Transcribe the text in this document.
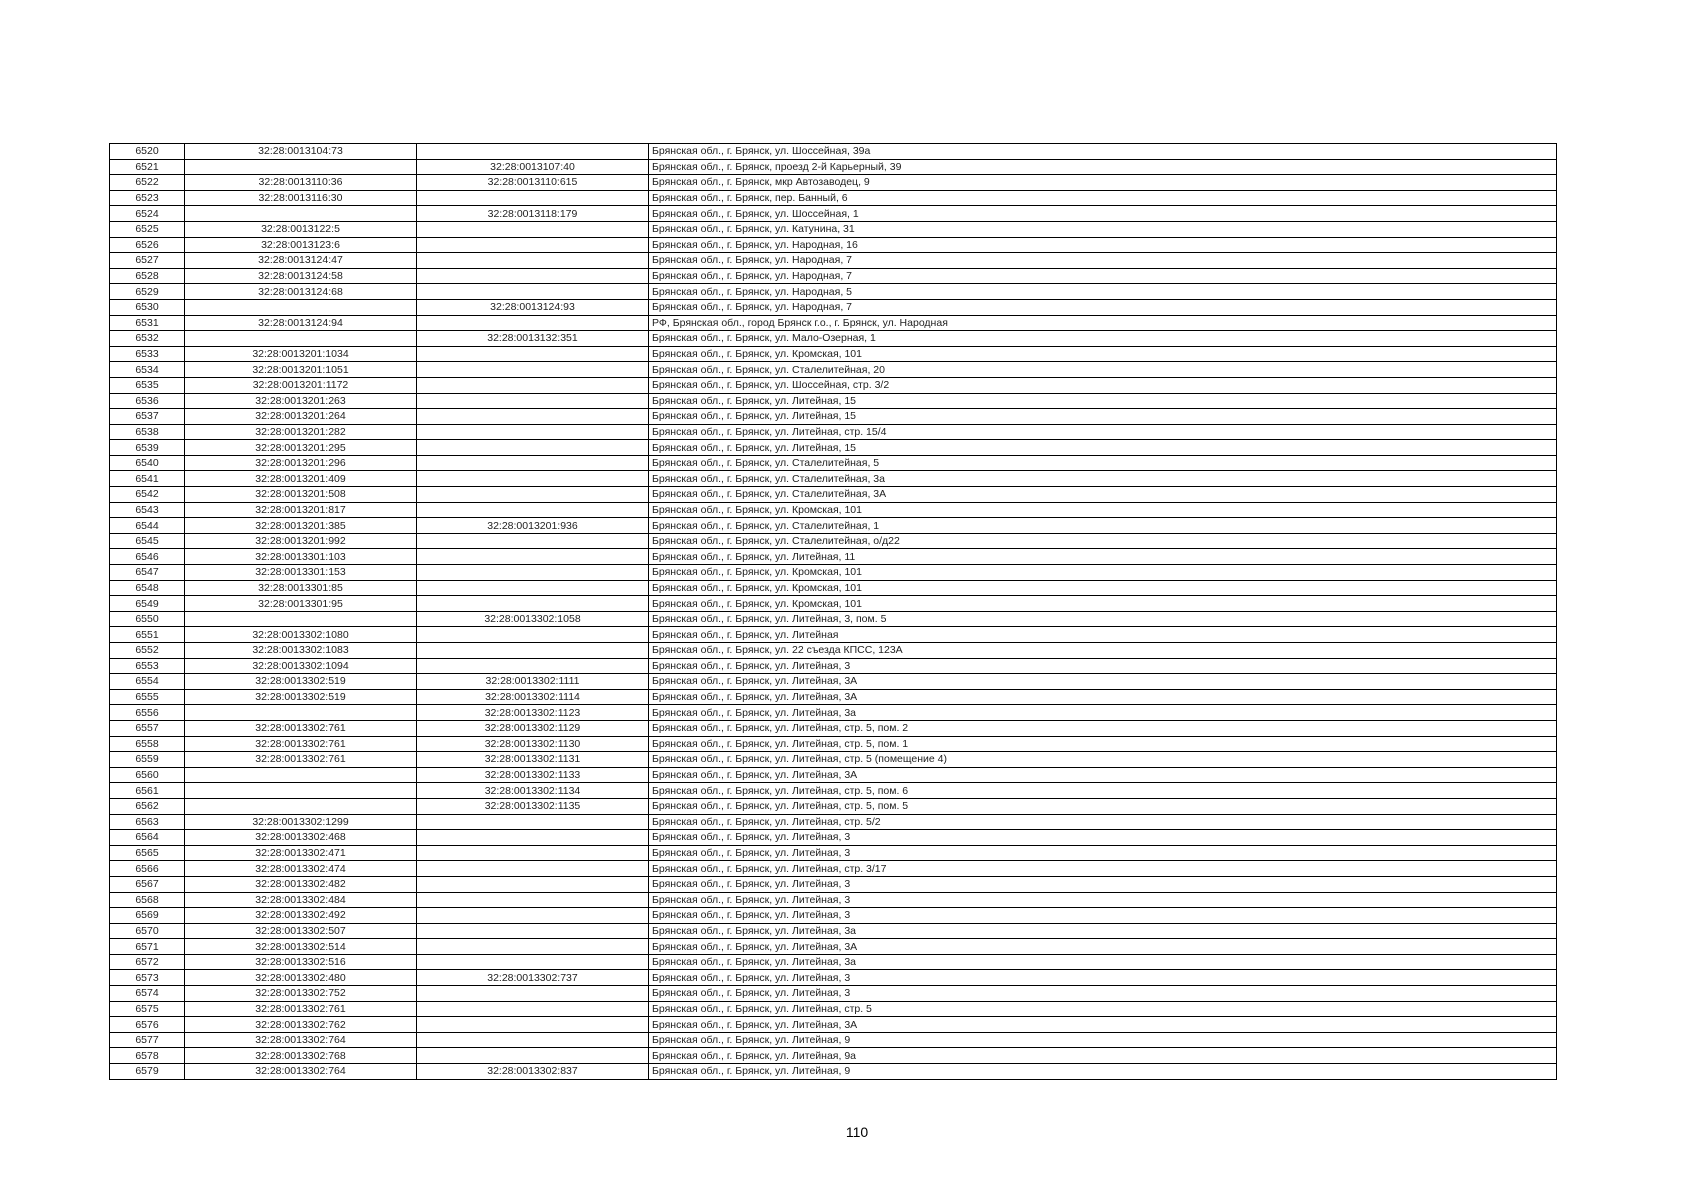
6520	32:28:0013104:73		Брянская обл., г. Брянск, ул. Шоссейная, 39а
6521		32:28:0013107:40	Брянская обл., г. Брянск, проезд 2-й Карьерный, 39
6522	32:28:0013110:36	32:28:0013110:615	Брянская обл., г. Брянск, мкр Автозаводец, 9
6523	32:28:0013116:30		Брянская обл., г. Брянск, пер. Банный, 6
6524		32:28:0013118:179	Брянская обл., г. Брянск, ул. Шоссейная, 1
6525	32:28:0013122:5		Брянская обл., г. Брянск, ул. Катунина, 31
6526	32:28:0013123:6		Брянская обл., г. Брянск, ул. Народная, 16
6527	32:28:0013124:47		Брянская обл., г. Брянск, ул. Народная, 7
6528	32:28:0013124:58		Брянская обл., г. Брянск, ул. Народная, 7
6529	32:28:0013124:68		Брянская обл., г. Брянск, ул. Народная, 5
6530		32:28:0013124:93	Брянская обл., г. Брянск, ул. Народная, 7
6531	32:28:0013124:94		РФ, Брянская обл., город Брянск г.о., г. Брянск, ул. Народная
6532		32:28:0013132:351	Брянская обл., г. Брянск, ул. Мало-Озерная, 1
6533	32:28:0013201:1034		Брянская обл., г. Брянск, ул. Кромская, 101
6534	32:28:0013201:1051		Брянская обл., г. Брянск, ул. Сталелитейная, 20
6535	32:28:0013201:1172		Брянская обл., г. Брянск, ул. Шоссейная, стр. 3/2
6536	32:28:0013201:263		Брянская обл., г. Брянск, ул. Литейная, 15
6537	32:28:0013201:264		Брянская обл., г. Брянск, ул. Литейная, 15
6538	32:28:0013201:282		Брянская обл., г. Брянск, ул. Литейная, стр. 15/4
6539	32:28:0013201:295		Брянская обл., г. Брянск, ул. Литейная, 15
6540	32:28:0013201:296		Брянская обл., г. Брянск, ул. Сталелитейная, 5
6541	32:28:0013201:409		Брянская обл., г. Брянск, ул. Сталелитейная, 3а
6542	32:28:0013201:508		Брянская обл., г. Брянск, ул. Сталелитейная, 3А
6543	32:28:0013201:817		Брянская обл., г. Брянск, ул. Кромская, 101
6544	32:28:0013201:385	32:28:0013201:936	Брянская обл., г. Брянск, ул. Сталелитейная, 1
6545	32:28:0013201:992		Брянская обл., г. Брянск, ул. Сталелитейная, о/д22
6546	32:28:0013301:103		Брянская обл., г. Брянск, ул. Литейная, 11
6547	32:28:0013301:153		Брянская обл., г. Брянск, ул. Кромская, 101
6548	32:28:0013301:85		Брянская обл., г. Брянск, ул. Кромская, 101
6549	32:28:0013301:95		Брянская обл., г. Брянск, ул. Кромская, 101
6550		32:28:0013302:1058	Брянская обл., г. Брянск, ул. Литейная, 3, пом. 5
6551	32:28:0013302:1080		Брянская обл., г. Брянск, ул. Литейная
6552	32:28:0013302:1083		Брянская обл., г. Брянск, ул. 22 съезда КПСС, 123А
6553	32:28:0013302:1094		Брянская обл., г. Брянск, ул. Литейная, 3
6554	32:28:0013302:519	32:28:0013302:1111	Брянская обл., г. Брянск, ул. Литейная, 3А
6555	32:28:0013302:519	32:28:0013302:1114	Брянская обл., г. Брянск, ул. Литейная, 3А
6556		32:28:0013302:1123	Брянская обл., г. Брянск, ул. Литейная, 3а
6557	32:28:0013302:761	32:28:0013302:1129	Брянская обл., г. Брянск, ул. Литейная, стр. 5, пом. 2
6558	32:28:0013302:761	32:28:0013302:1130	Брянская обл., г. Брянск, ул. Литейная, стр. 5, пом. 1
6559	32:28:0013302:761	32:28:0013302:1131	Брянская обл., г. Брянск, ул. Литейная, стр. 5 (помещение 4)
6560		32:28:0013302:1133	Брянская обл., г. Брянск, ул. Литейная, 3А
6561		32:28:0013302:1134	Брянская обл., г. Брянск, ул. Литейная, стр. 5, пом. 6
6562		32:28:0013302:1135	Брянская обл., г. Брянск, ул. Литейная, стр. 5, пом. 5
6563	32:28:0013302:1299		Брянская обл., г. Брянск, ул. Литейная, стр. 5/2
6564	32:28:0013302:468		Брянская обл., г. Брянск, ул. Литейная, 3
6565	32:28:0013302:471		Брянская обл., г. Брянск, ул. Литейная, 3
6566	32:28:0013302:474		Брянская обл., г. Брянск, ул. Литейная, стр. 3/17
6567	32:28:0013302:482		Брянская обл., г. Брянск, ул. Литейная, 3
6568	32:28:0013302:484		Брянская обл., г. Брянск, ул. Литейная, 3
6569	32:28:0013302:492		Брянская обл., г. Брянск, ул. Литейная, 3
6570	32:28:0013302:507		Брянская обл., г. Брянск, ул. Литейная, 3а
6571	32:28:0013302:514		Брянская обл., г. Брянск, ул. Литейная, 3А
6572	32:28:0013302:516		Брянская обл., г. Брянск, ул. Литейная, 3а
6573	32:28:0013302:480	32:28:0013302:737	Брянская обл., г. Брянск, ул. Литейная, 3
6574	32:28:0013302:752		Брянская обл., г. Брянск, ул. Литейная, 3
6575	32:28:0013302:761		Брянская обл., г. Брянск, ул. Литейная, стр. 5
6576	32:28:0013302:762		Брянская обл., г. Брянск, ул. Литейная, 3А
6577	32:28:0013302:764		Брянская обл., г. Брянск, ул. Литейная, 9
6578	32:28:0013302:768		Брянская обл., г. Брянск, ул. Литейная, 9а
6579	32:28:0013302:764	32:28:0013302:837	Брянская обл., г. Брянск, ул. Литейная, 9
110
